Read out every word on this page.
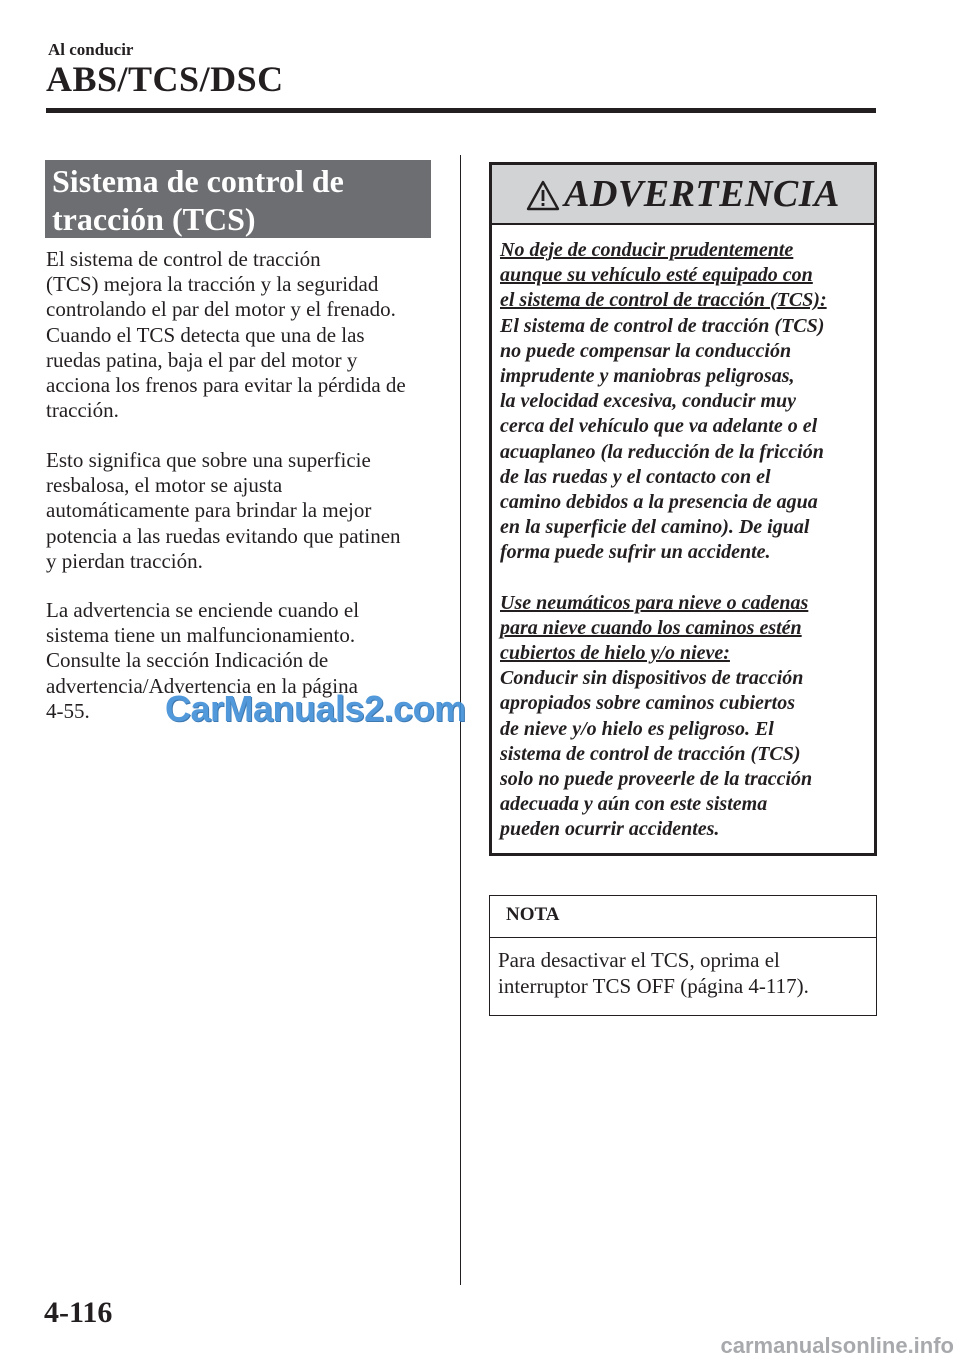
Al conducir
ABS/TCS/DSC
Sistema de control de
tracción (TCS)
El sistema de control de tracción
(TCS) mejora la tracción y la seguridad
controlando el par del motor y el frenado.
Cuando el TCS detecta que una de las
ruedas patina, baja el par del motor y
acciona los frenos para evitar la pérdida de
tracción.
Esto significa que sobre una superficie
resbalosa, el motor se ajusta
automáticamente para brindar la mejor
potencia a las ruedas evitando que patinen
y pierdan tracción.
La advertencia se enciende cuando el
sistema tiene un malfuncionamiento.
Consulte la sección Indicación de
advertencia/Advertencia en la página
4-55.	CarManuals2.com
ADVERTENCIA

No deje de conducir prudentemente

aunque su vehículo esté equipado con

el sistema de control de tracción (TCS):

El sistema de control de tracción (TCS)

no puede compensar la conducción

imprudente y maniobras peligrosas,

la velocidad excesiva, conducir muy

cerca del vehículo que va adelante o el

acuaplaneo (la reducción de la fricción

de las ruedas y el contacto con el

camino debidos a la presencia de agua

en la superficie del camino). De igual

forma puede sufrir un accidente.

Use neumáticos para nieve o cadenas

para nieve cuando los caminos estén

cubiertos de hielo y/o nieve:

Conducir sin dispositivos de tracción

apropiados sobre caminos cubiertos

de nieve y/o hielo es peligroso. El

sistema de control de tracción (TCS)

solo no puede proveerle de la tracción

adecuada y aún con este sistema

pueden ocurrir accidentes.

NOTA
Para desactivar el TCS, oprima el
interruptor TCS OFF (página 4-117).
4-116
carmanualsonline.info
